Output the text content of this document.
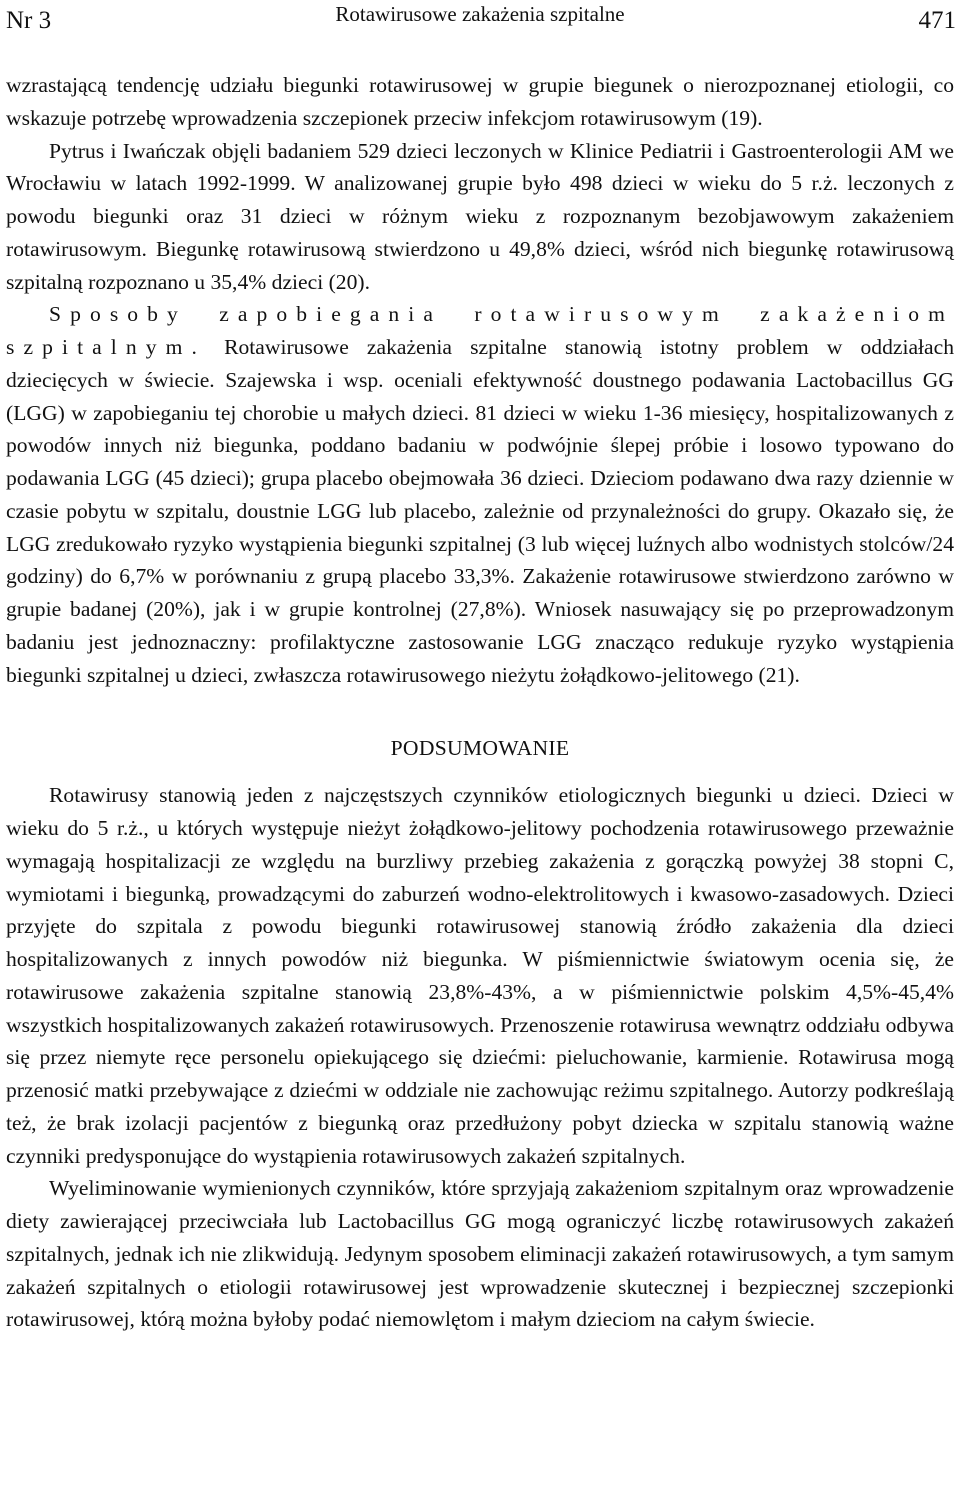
Nr 3	Rotawirusowe zakażenia szpitalne	471

wzrastającą tendencję udziału biegunki rotawirusowej w grupie biegunek o nierozpoznanej etiologii, co wskazuje potrzebę wprowadzenia szczepionek przeciw infekcjom rotawirusowym (19).

Pytrus i Iwańczak objęli badaniem 529 dzieci leczonych w Klinice Pediatrii i Gastroenterologii AM we Wrocławiu w latach 1992-1999. W analizowanej grupie było 498 dzieci w wieku do 5 r.ż. leczonych z powodu biegunki oraz 31 dzieci w różnym wieku z rozpoznanym bezobjawowym zakażeniem rotawirusowym. Biegunkę rotawirusową stwierdzono u 49,8% dzieci, wśród nich biegunkę rotawirusową szpitalną rozpoznano u 35,4% dzieci (20).

Sposoby zapobiegania rotawirusowym zakażeniom szpitalnym. Rotawirusowe zakażenia szpitalne stanowią istotny problem w oddziałach dziecięcych w świecie. Szajewska i wsp. oceniali efektywność doustnego podawania Lactobacillus GG (LGG) w zapobieganiu tej chorobie u małych dzieci. 81 dzieci w wieku 1-36 miesięcy, hospitalizowanych z powodów innych niż biegunka, poddano badaniu w podwójnie ślepej próbie i losowo typowano do podawania LGG (45 dzieci); grupa placebo obejmowała 36 dzieci. Dzieciom podawano dwa razy dziennie w czasie pobytu w szpitalu, doustnie LGG lub placebo, zależnie od przynależności do grupy. Okazało się, że LGG zredukowało ryzyko wystąpienia biegunki szpitalnej (3 lub więcej luźnych albo wodnistych stolców/24 godziny) do 6,7% w porównaniu z grupą placebo 33,3%. Zakażenie rotawirusowe stwierdzono zarówno w grupie badanej (20%), jak i w grupie kontrolnej (27,8%). Wniosek nasuwający się po przeprowadzonym badaniu jest jednoznaczny: profilaktyczne zastosowanie LGG znacząco redukuje ryzyko wystąpienia biegunki szpitalnej u dzieci, zwłaszcza rotawirusowego nieżytu żołądkowo-jelitowego (21).

PODSUMOWANIE

Rotawirusy stanowią jeden z najczęstszych czynników etiologicznych biegunki u dzieci. Dzieci w wieku do 5 r.ż., u których występuje nieżyt żołądkowo-jelitowy pochodzenia rotawirusowego przeważnie wymagają hospitalizacji ze względu na burzliwy przebieg zakażenia z gorączką powyżej 38 stopni C, wymiotami i biegunką, prowadzącymi do zaburzeń wodno-elektrolitowych i kwasowo-zasadowych. Dzieci przyjęte do szpitala z powodu biegunki rotawirusowej stanowią źródło zakażenia dla dzieci hospitalizowanych z innych powodów niż biegunka. W piśmiennictwie światowym ocenia się, że rotawirusowe zakażenia szpitalne stanowią 23,8%-43%, a w piśmiennictwie polskim 4,5%-45,4% wszystkich hospitalizowanych zakażeń rotawirusowych. Przenoszenie rotawirusa wewnątrz oddziału odbywa się przez niemyte ręce personelu opiekującego się dziećmi: pieluchowanie, karmienie. Rotawirusa mogą przenosić matki przebywające z dziećmi w oddziale nie zachowując reżimu szpitalnego. Autorzy podkreślają też, że brak izolacji pacjentów z biegunką oraz przedłużony pobyt dziecka w szpitalu stanowią ważne czynniki predysponujące do wystąpienia rotawirusowych zakażeń szpitalnych.

Wyeliminowanie wymienionych czynników, które sprzyjają zakażeniom szpitalnym oraz wprowadzenie diety zawierającej przeciwciała lub Lactobacillus GG mogą ograniczyć liczbę rotawirusowych zakażeń szpitalnych, jednak ich nie zlikwidują. Jedynym sposobem eliminacji zakażeń rotawirusowych, a tym samym zakażeń szpitalnych o etiologii rotawirusowej jest wprowadzenie skutecznej i bezpiecznej szczepionki rotawirusowej, którą można byłoby podać niemowlętom i małym dzieciom na całym świecie.
